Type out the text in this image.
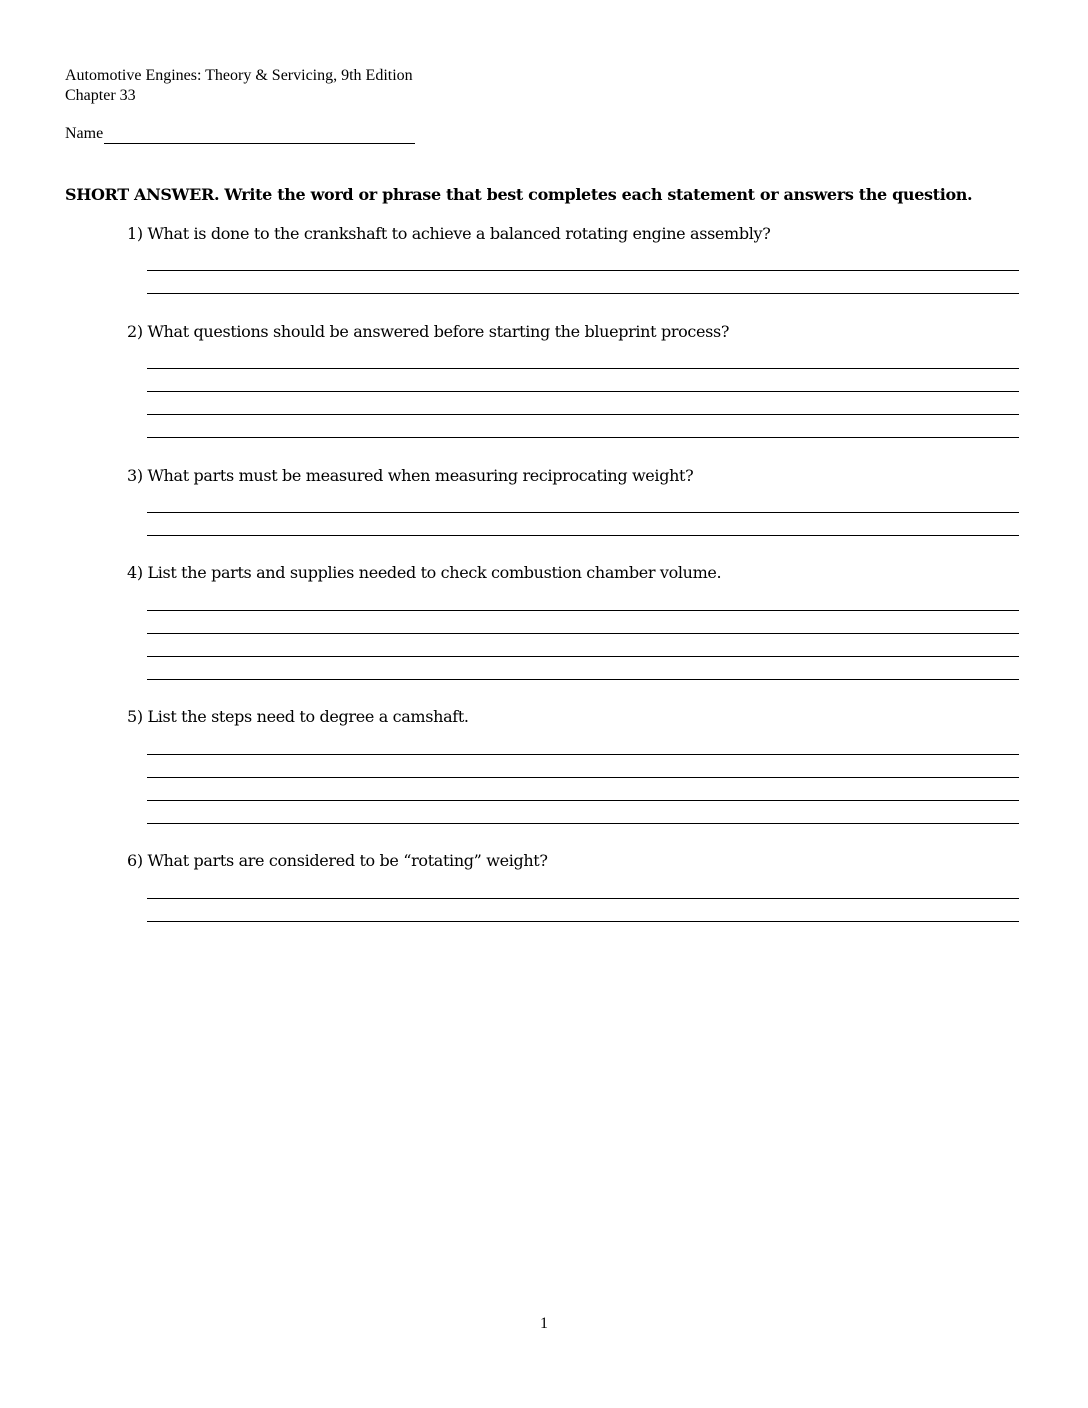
Automotive Engines: Theory & Servicing, 9th Edition
Chapter 33
Name
SHORT ANSWER. Write the word or phrase that best completes each statement or answers the question.
1) What is done to the crankshaft to achieve a balanced rotating engine assembly?
2) What questions should be answered before starting the blueprint process?
3) What parts must be measured when measuring reciprocating weight?
4) List the parts and supplies needed to check combustion chamber volume.
5) List the steps need to degree a camshaft.
6) What parts are considered to be “rotating” weight?
1
